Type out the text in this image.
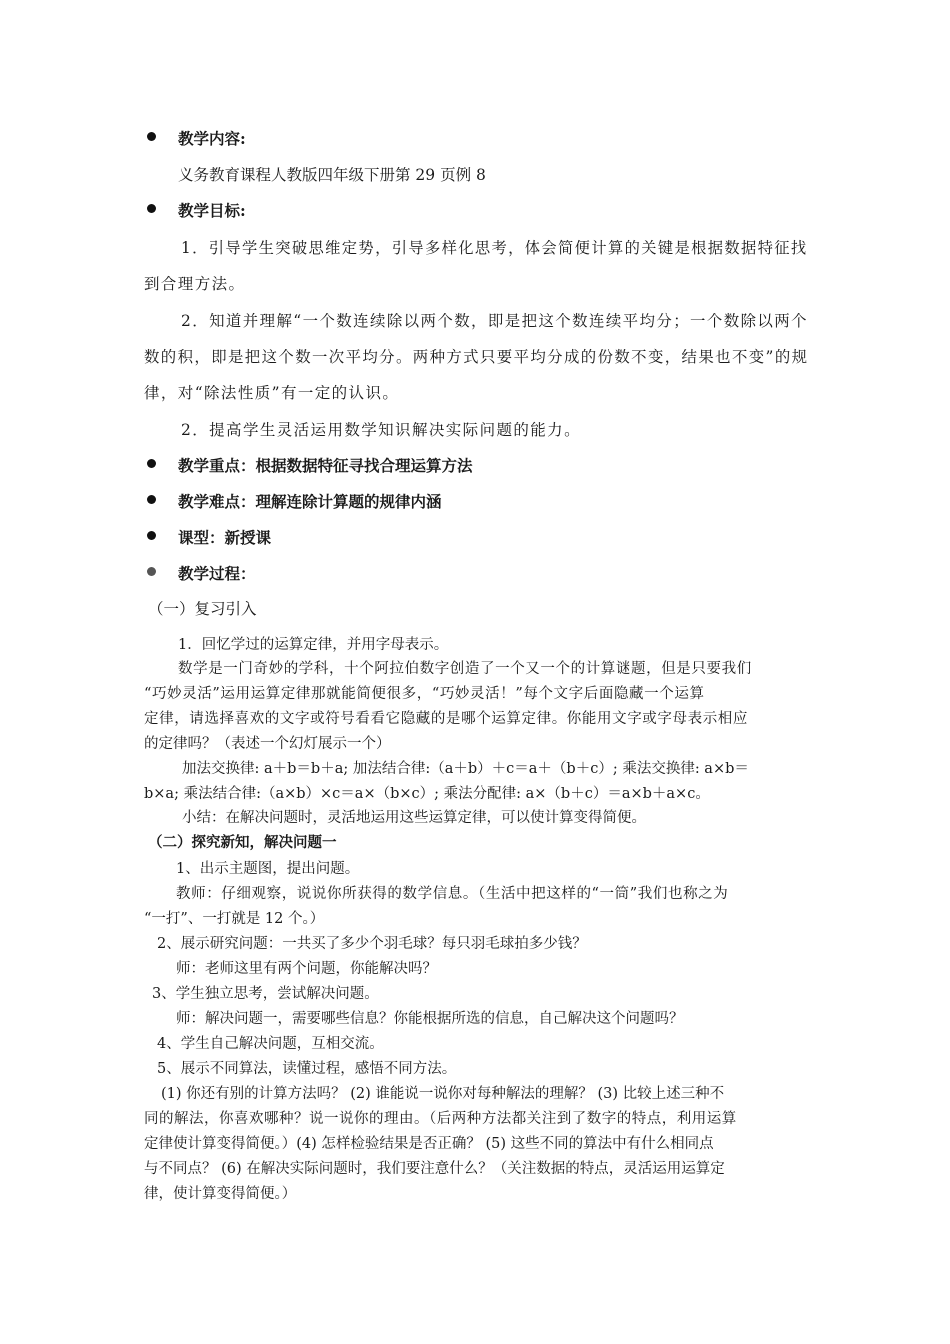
教学内容:
义务教育课程人教版四年级下册第 29 页例 8
教学目标:
1．引导学生突破思维定势，引导多样化思考，体会简便计算的关键是根据数据特征找
到合理方法。
2．知道并理解“一个数连续除以两个数，即是把这个数连续平均分；一个数除以两个
数的积，即是把这个数一次平均分。两种方式只要平均分成的份数不变，结果也不变”的规
律，对“除法性质”有一定的认识。
2．提高学生灵活运用数学知识解决实际问题的能力。
教学重点：根据数据特征寻找合理运算方法
教学难点：理解连除计算题的规律内涵
课型：新授课
教学过程：
（一）复习引入
1．回忆学过的运算定律，并用字母表示。
数学是一门奇妙的学科，十个阿拉伯数字创造了一个又一个的计算谜题，但是只要我们
“巧妙灵活”运用运算定律那就能简便很多，“巧妙灵活！”每个文字后面隐藏一个运算
定律，请选择喜欢的文字或符号看看它隐藏的是哪个运算定律。你能用文字或字母表示相应
的定律吗？（表述一个幻灯展示一个）
加法交换律: a＋b＝b＋a; 加法结合律:（a＋b）＋c＝a＋（b＋c）; 乘法交换律: a×b＝
b×a; 乘法结合律:（a×b）×c＝a×（b×c）; 乘法分配律: a×（b＋c）＝a×b＋a×c。
小结：在解决问题时，灵活地运用这些运算定律，可以使计算变得简便。
（二）探究新知，解决问题一
1、出示主题图，提出问题。
教师：仔细观察，说说你所获得的数学信息。（生活中把这样的“一筒”我们也称之为
“一打”、一打就是 12 个。）
2、展示研究问题：一共买了多少个羽毛球？每只羽毛球拍多少钱？
师：老师这里有两个问题，你能解决吗？
3、学生独立思考，尝试解决问题。
师：解决问题一，需要哪些信息？你能根据所选的信息，自己解决这个问题吗？
4、学生自己解决问题，互相交流。
5、展示不同算法，读懂过程，感悟不同方法。
(1) 你还有别的计算方法吗？ (2) 谁能说一说你对每种解法的理解？ (3) 比较上述三种不
同的解法，你喜欢哪种？说一说你的理由。（后两种方法都关注到了数字的特点，利用运算
定律使计算变得简便。）(4) 怎样检验结果是否正确？ (5) 这些不同的算法中有什么相同点
与不同点？ (6) 在解决实际问题时，我们要注意什么？（关注数据的特点，灵活运用运算定
律，使计算变得简便。）
